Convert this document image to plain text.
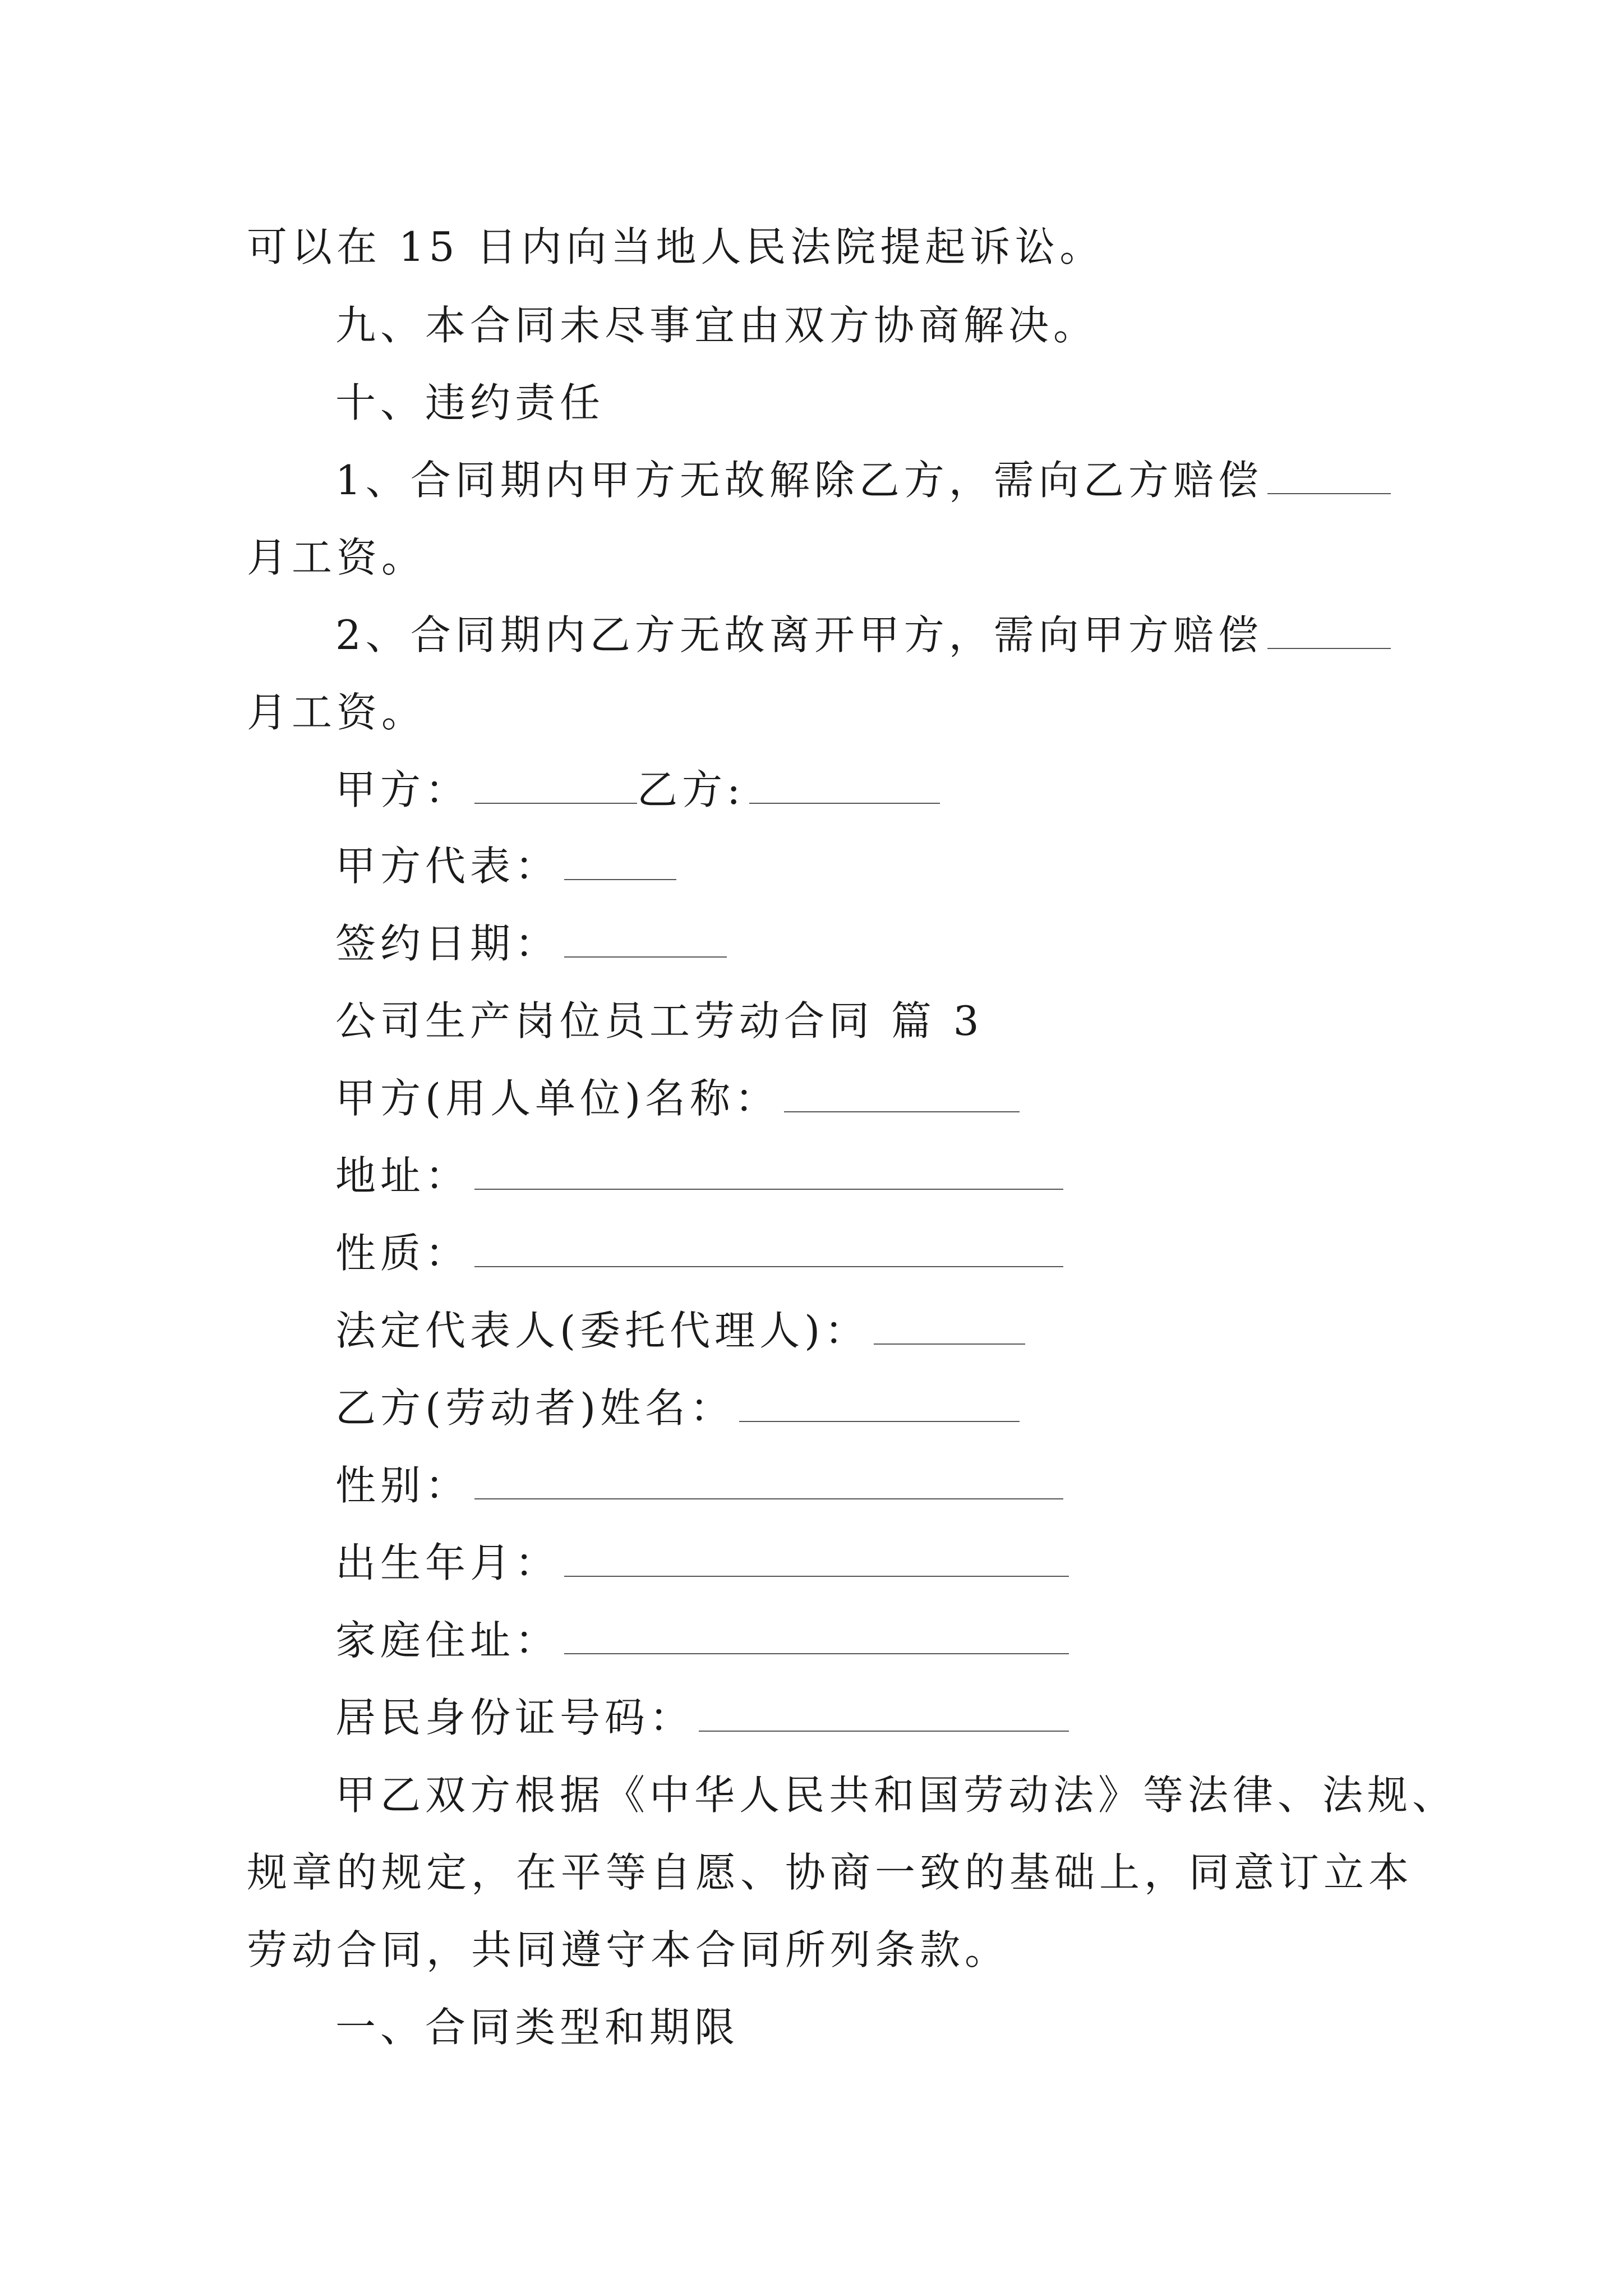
可以在 15 日内向当地人民法院提起诉讼。

九、本合同未尽事宜由双方协商解决。

十、违约责任

1、合同期内甲方无故解除乙方，需向乙方赔偿

月工资。

2、合同期内乙方无故离开甲方，需向甲方赔偿

月工资。

甲方：	乙方:

甲方代表：

签约日期：

公司生产岗位员工劳动合同 篇 3

甲方(用人单位)名称：

地址：

性质：

法定代表人(委托代理人)：

乙方(劳动者)姓名：

性别：

出生年月：

家庭住址：

居民身份证号码：

甲乙双方根据《中华人民共和国劳动法》等法律、法规、

规章的规定，在平等自愿、协商一致的基础上，同意订立本

劳动合同，共同遵守本合同所列条款。

一、合同类型和期限
